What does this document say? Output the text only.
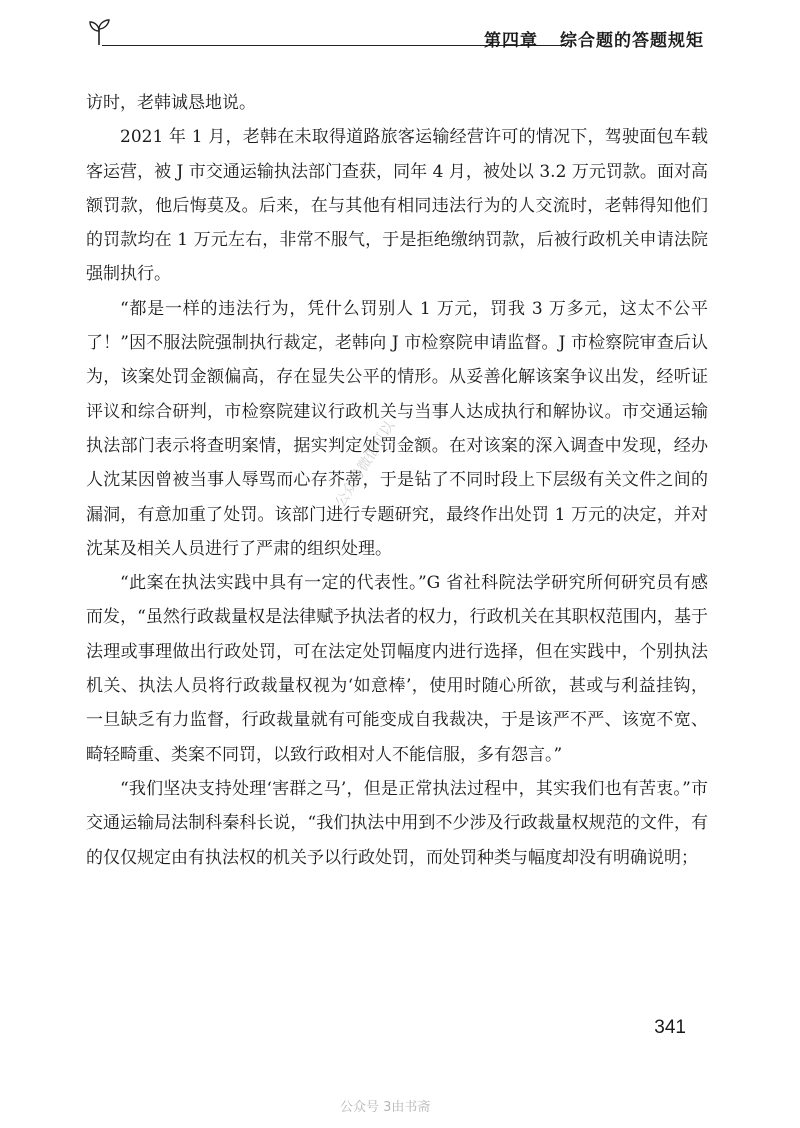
第四章 综合题的答题规矩

访时，老韩诚恳地说。

2021 年 1 月，老韩在未取得道路旅客运输经营许可的情况下，驾驶面包车载客运营，被 J 市交通运输执法部门查获，同年 4 月，被处以 3.2 万元罚款。面对高额罚款，他后悔莫及。后来，在与其他有相同违法行为的人交流时，老韩得知他们的罚款均在 1 万元左右，非常不服气，于是拒绝缴纳罚款，后被行政机关申请法院强制执行。

“都是一样的违法行为，凭什么罚别人 1 万元，罚我 3 万多元，这太不公平了！”因不服法院强制执行裁定，老韩向 J 市检察院申请监督。J 市检察院审查后认为，该案处罚金额偏高，存在显失公平的情形。从妥善化解该案争议出发，经听证评议和综合研判，市检察院建议行政机关与当事人达成执行和解协议。市交通运输执法部门表示将查明案情，据实判定处罚金额。在对该案的深入调查中发现，经办人沈某因曾被当事人辱骂而心存芥蒂，于是钻了不同时段上下层级有关文件之间的漏洞，有意加重了处罚。该部门进行专题研究，最终作出处罚 1 万元的决定，并对沈某及相关人员进行了严肃的组织处理。

“此案在执法实践中具有一定的代表性。”G 省社科院法学研究所何研究员有感而发，“虽然行政裁量权是法律赋予执法者的权力，行政机关在其职权范围内，基于法理或事理做出行政处罚，可在法定处罚幅度内进行选择，但在实践中，个别执法机关、执法人员将行政裁量权视为‘如意棒’，使用时随心所欲，甚或与利益挂钩，一旦缺乏有力监督，行政裁量就有可能变成自我裁决，于是该严不严、该宽不宽、畸轻畸重、类案不同罚，以致行政相对人不能信服，多有怨言。”

“我们坚决支持处理‘害群之马’，但是正常执法过程中，其实我们也有苦衷。”市交通运输局法制科秦科长说，“我们执法中用到不少涉及行政裁量权规范的文件，有的仅仅规定由有执法权的机关予以行政处罚，而处罚种类与幅度却没有明确说明；

公众号微信可以
341
公众号 3由书斋
